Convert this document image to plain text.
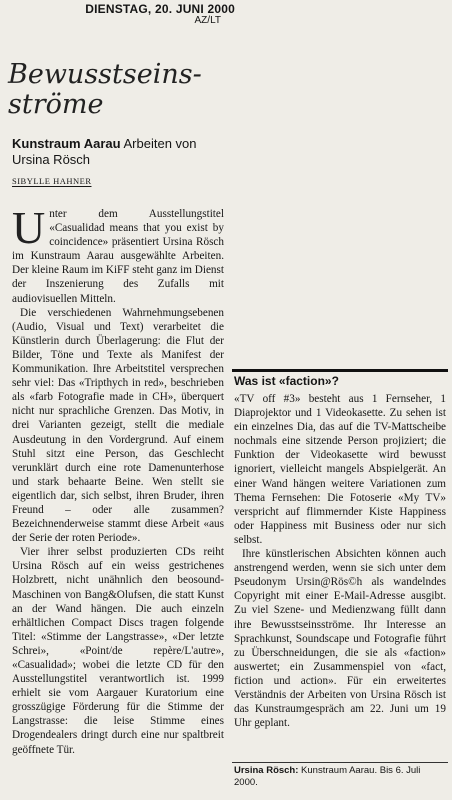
DIENSTAG, 20. JUNI 2000
AZ/LT
Bewusstseins-ströme
Kunstraum Aarau Arbeiten von Ursina Rösch
SIBYLLE HAHNER

Unter dem Ausstellungstitel «Casualidad means that you exist by coincidence» präsentiert Ursina Rösch im Kunstraum Aarau ausgewählte Arbeiten. Der kleine Raum im KiFF steht ganz im Dienst der Inszenierung des Zufalls mit audiovisuellen Mitteln.

Die verschiedenen Wahrnehmungsebenen (Audio, Visual und Text) verarbeitet die Künstlerin durch Überlagerung: die Flut der Bilder, Töne und Texte als Manifest der Kommunikation. Ihre Arbeitstitel versprechen sehr viel: Das «Tripthych in red», beschrieben als «farb Fotografie made in CH», überquert nicht nur sprachliche Grenzen. Das Motiv, in drei Varianten gezeigt, stellt die mediale Ausdeutung in den Vordergrund. Auf einem Stuhl sitzt eine Person, das Geschlecht verunklärt durch eine rote Damenunterhose und stark behaarte Beine. Wen stellt sie eigentlich dar, sich selbst, ihren Bruder, ihren Freund – oder alle zusammen? Bezeichnenderweise stammt diese Arbeit «aus der Serie der roten Periode».

Vier ihrer selbst produzierten CDs reiht Ursina Rösch auf ein weiss gestrichenes Holzbrett, nicht unähnlich den beosound-Maschinen von Bang&Olufsen, die statt Kunst an der Wand hängen. Die auch einzeln erhältlichen Compact Discs tragen folgende Titel: «Stimme der Langstrasse», «Der letzte Schrei», «Point/de repère/L'autre», «Casualidad»; wobei die letzte CD für den Ausstellungstitel verantwortlich ist. 1999 erhielt sie vom Aargauer Kuratorium eine grosszügige Förderung für die Stimme der Langstrasse: die leise Stimme eines Drogendealers dringt durch eine nur spaltbreit geöffnete Tür.

Was ist «faction»?

«TV off #3» besteht aus 1 Fernseher, 1 Diaprojektor und 1 Videokasette. Zu sehen ist ein einzelnes Dia, das auf die TV-Mattscheibe nochmals eine sitzende Person projiziert; die Funktion der Videokasette wird bewusst ignoriert, vielleicht mangels Abspielgerät. An einer Wand hängen weitere Variationen zum Thema Fernsehen: Die Fotoserie «My TV» verspricht auf flimmernder Kiste Happiness oder Happiness mit Business oder nur sich selbst.

Ihre künstlerischen Absichten können auch anstrengend werden, wenn sie sich unter dem Pseudonym Ursin@Rös©h als wandelndes Copyright mit einer E-Mail-Adresse ausgibt. Zu viel Szene- und Medienzwang füllt dann ihre Bewusstseinsströme. Ihr Interesse an Sprachkunst, Soundscape und Fotografie führt zu Überschneidungen, die sie als «faction» auswertet; ein Zusammenspiel von «fact, fiction und action». Für ein erweitertes Verständnis der Arbeiten von Ursina Rösch ist das Kunstraumgespräch am 22. Juni um 19 Uhr geplant.

Ursina Rösch: Kunstraum Aarau. Bis 6. Juli 2000.
